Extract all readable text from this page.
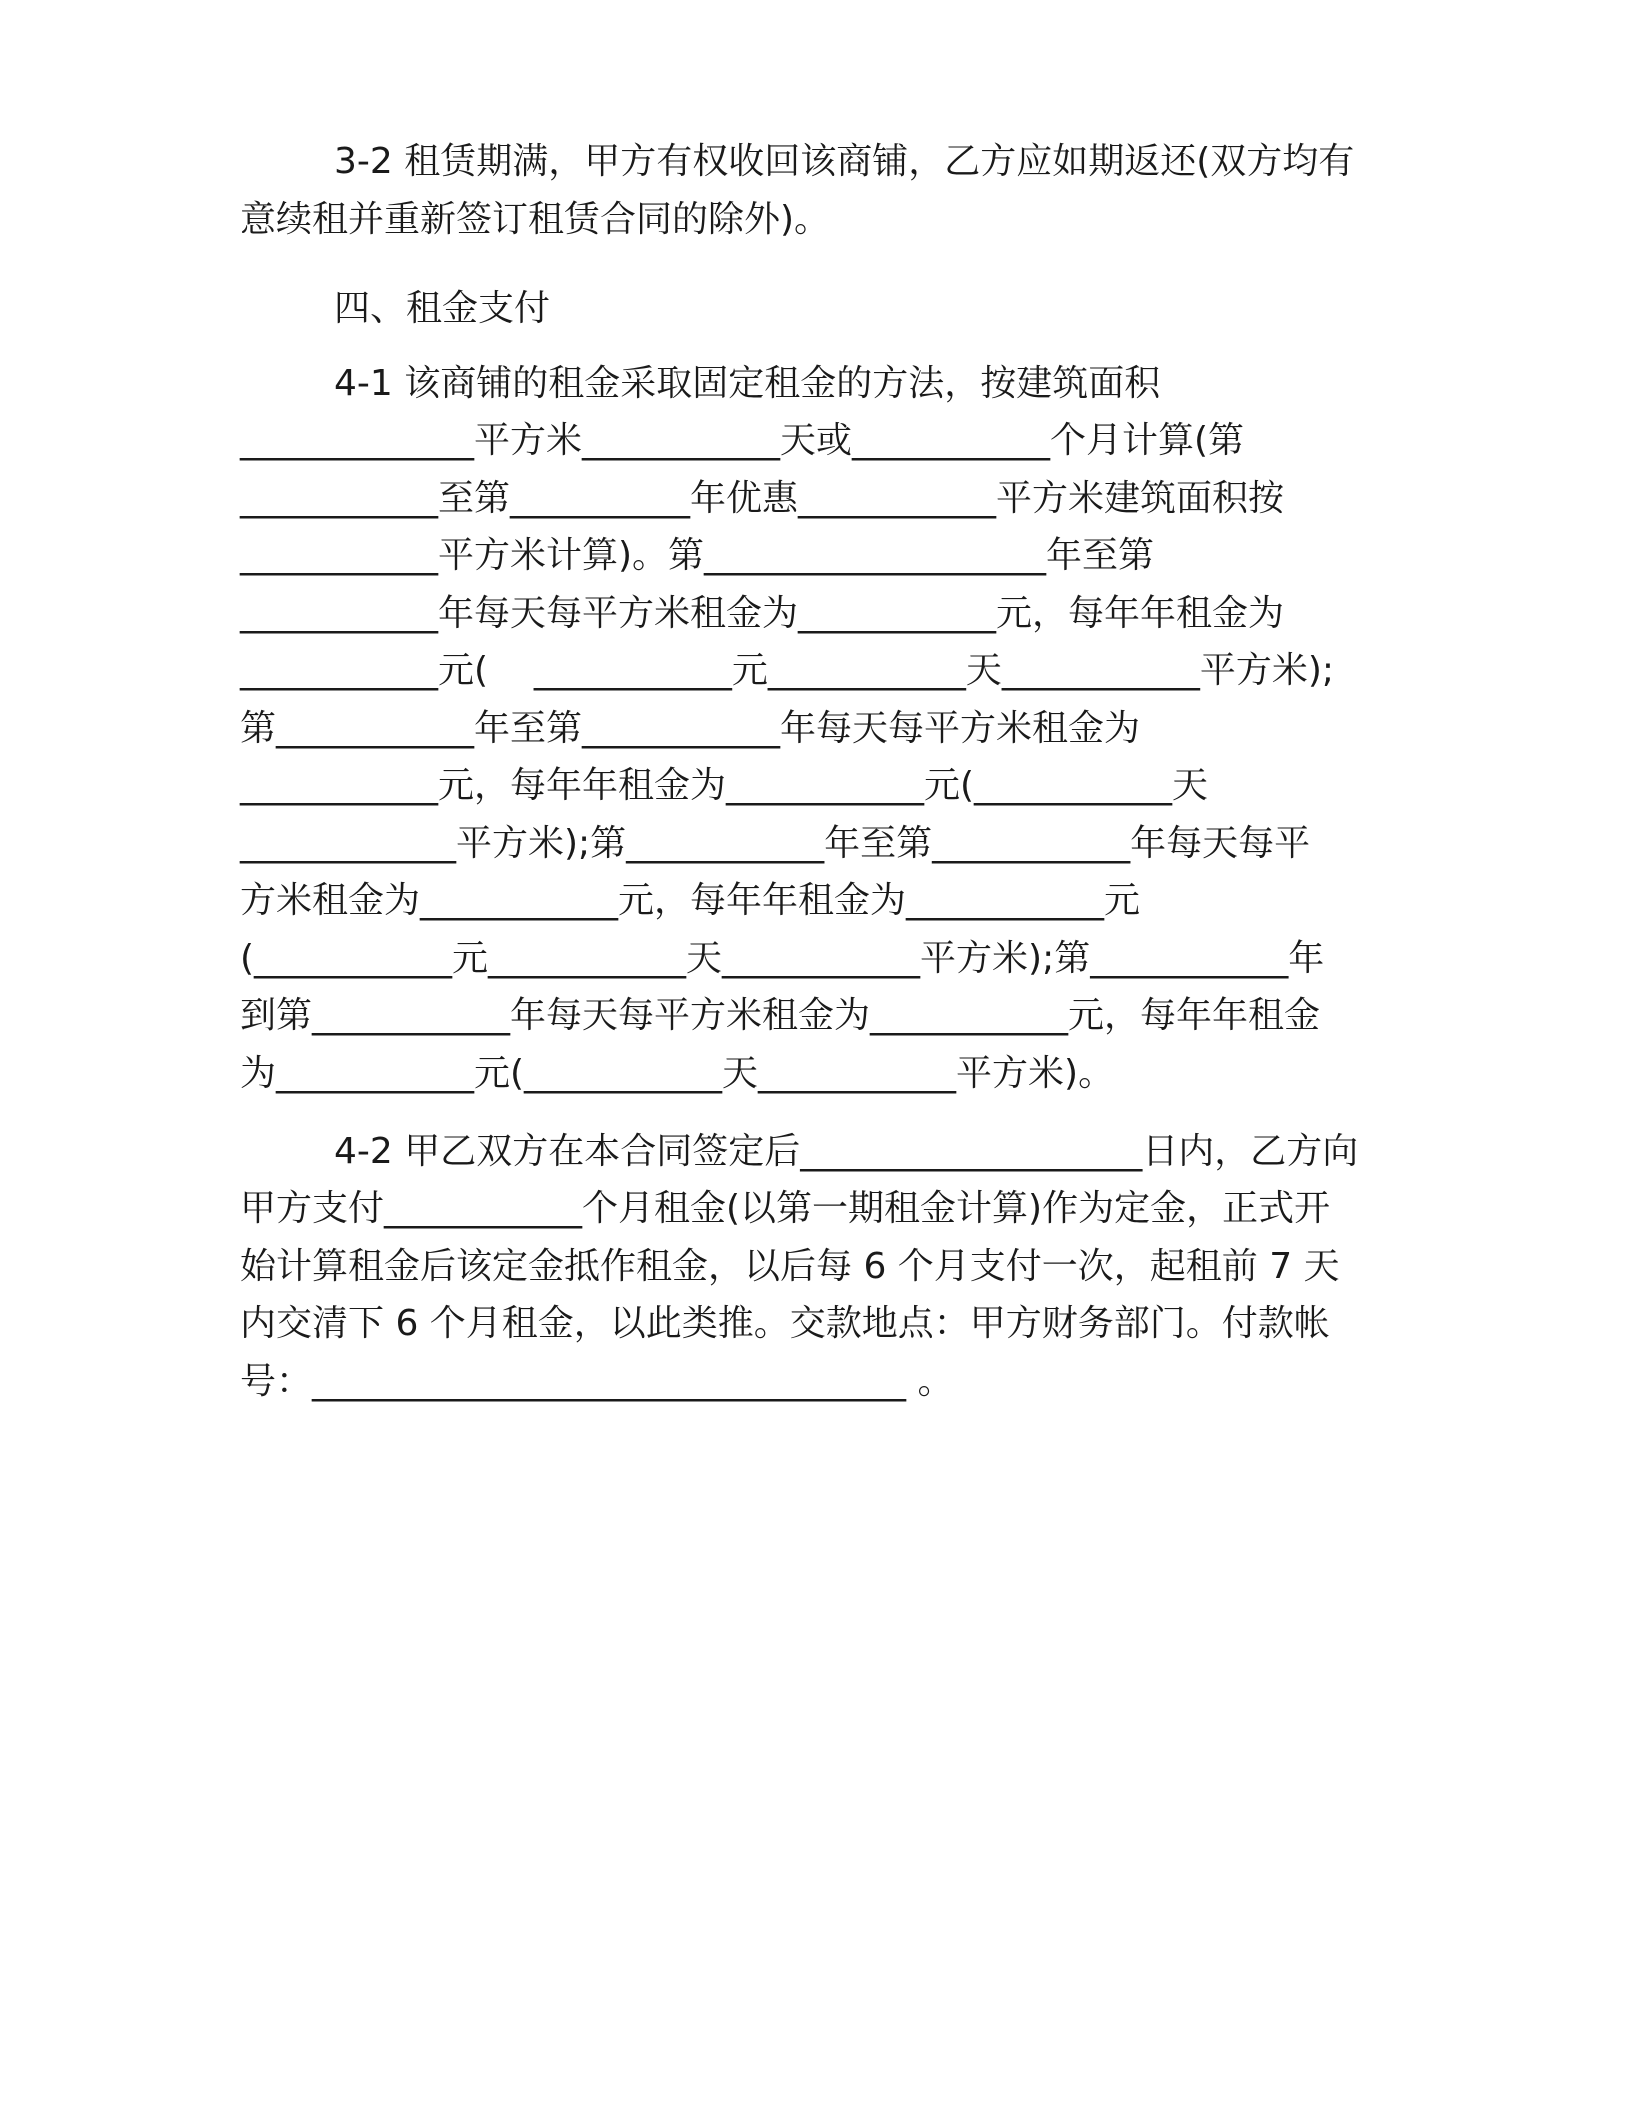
3-2 租赁期满，甲方有权收回该商铺，乙方应如期返还(双方均有
意续租并重新签订租赁合同的除外)。
四、租金支付
4-1 该商铺的租金采取固定租金的方法，按建筑面积
_____________平方米___________天或___________个月计算(第
___________至第__________年优惠___________平方米建筑面积按
___________平方米计算)。第___________________年至第
___________年每天每平方米租金为___________元，每年年租金为
___________元(    ___________元___________天___________平方米);
第___________年至第___________年每天每平方米租金为
___________元，每年年租金为___________元(___________天
____________平方米);第___________年至第___________年每天每平
方米租金为___________元，每年年租金为___________元
(___________元___________天___________平方米);第___________年
到第___________年每天每平方米租金为___________元，每年年租金
为___________元(___________天___________平方米)。
4-2 甲乙双方在本合同签定后___________________日内，乙方向
甲方支付___________个月租金(以第一期租金计算)作为定金，正式开
始计算租金后该定金抵作租金，以后每 6 个月支付一次，起租前 7 天
内交清下 6 个月租金，以此类推。交款地点：甲方财务部门。付款帐
号：_________________________________ 。
